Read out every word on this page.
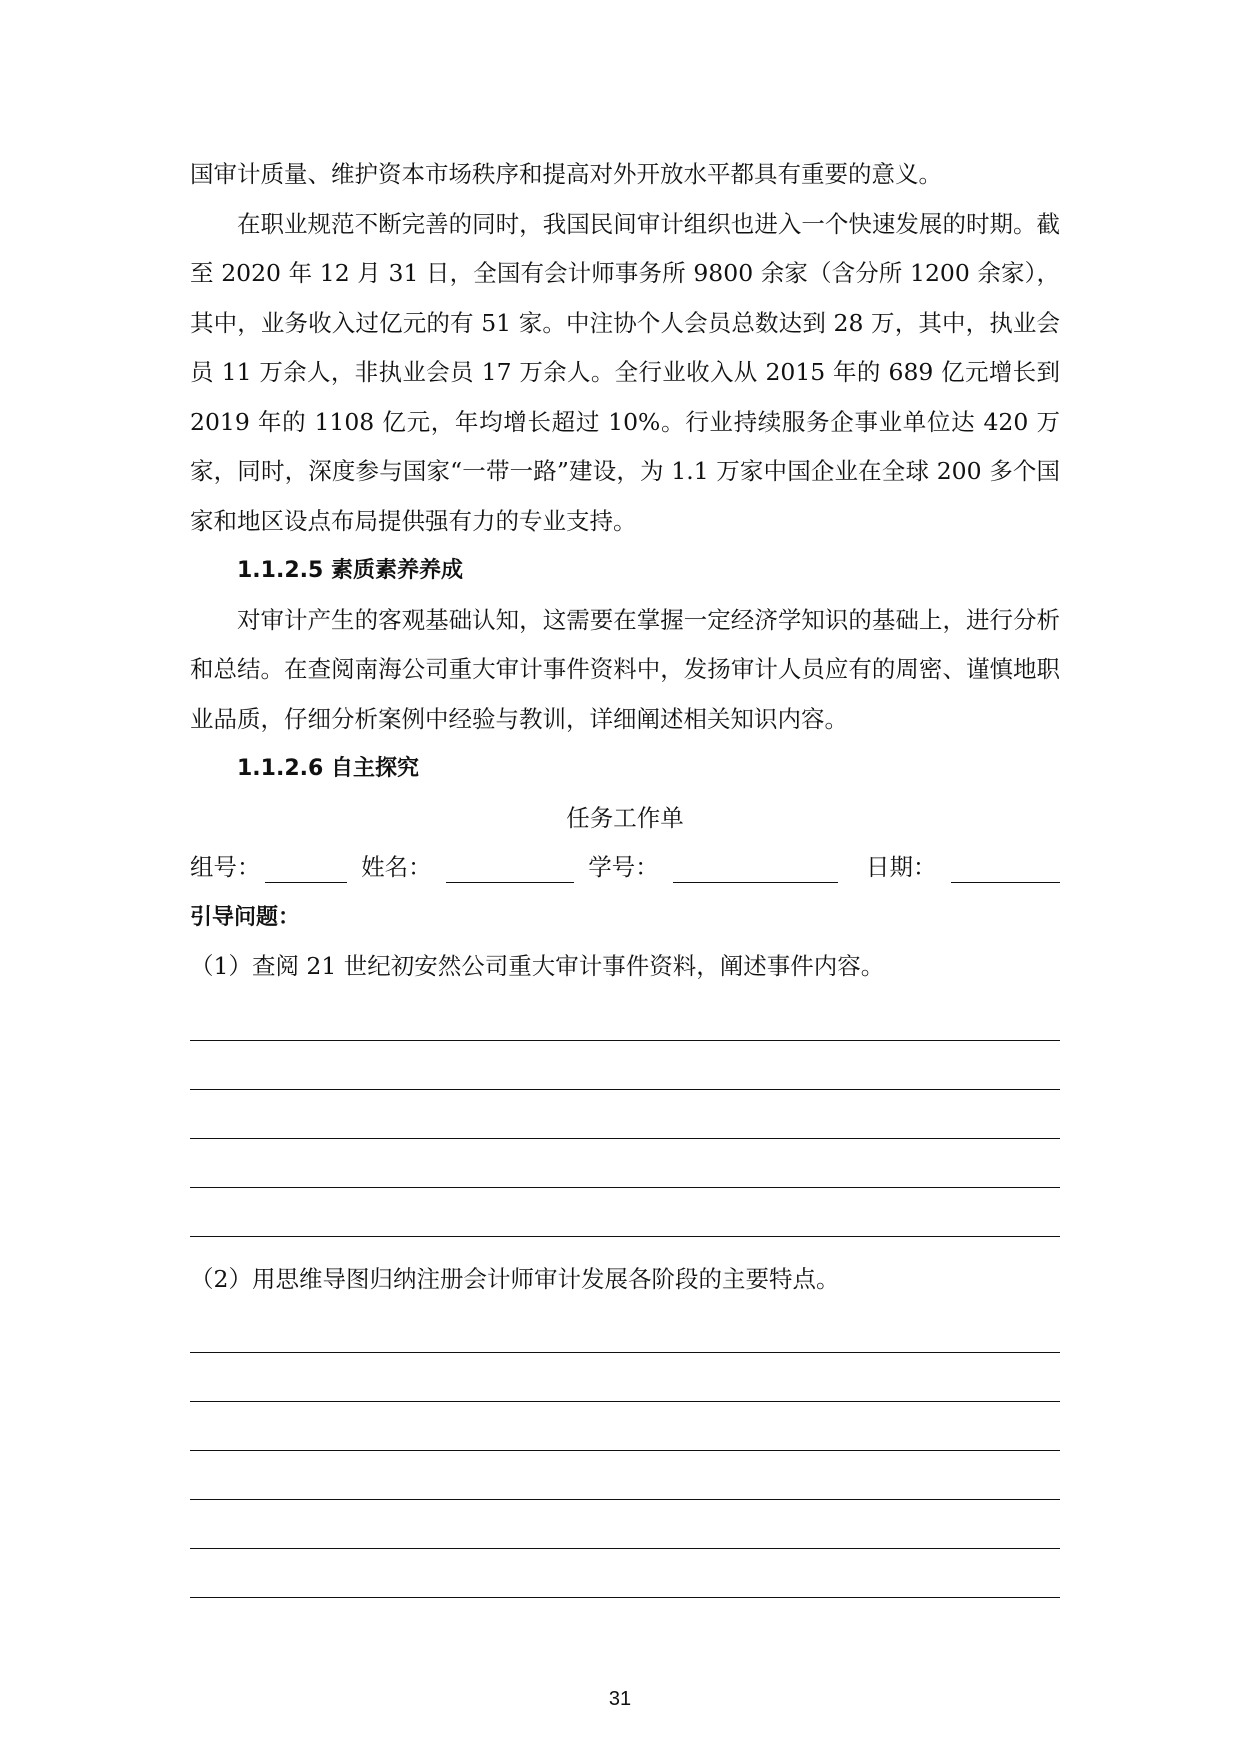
国审计质量、维护资本市场秩序和提高对外开放水平都具有重要的意义。

在职业规范不断完善的同时，我国民间审计组织也进入一个快速发展的时期。截至 2020 年 12 月 31 日，全国有会计师事务所 9800 余家（含分所 1200 余家），其中，业务收入过亿元的有 51 家。中注协个人会员总数达到 28 万，其中，执业会员 11 万余人，非执业会员 17 万余人。全行业收入从 2015 年的 689 亿元增长到 2019 年的 1108 亿元，年均增长超过 10%。行业持续服务企事业单位达 420 万家，同时，深度参与国家“一带一路”建设，为 1.1 万家中国企业在全球 200 多个国家和地区设点布局提供强有力的专业支持。

1.1.2.5 素质素养养成

对审计产生的客观基础认知，这需要在掌握一定经济学知识的基础上，进行分析和总结。在查阅南海公司重大审计事件资料中，发扬审计人员应有的周密、谨慎地职业品质，仔细分析案例中经验与教训，详细阐述相关知识内容。

1.1.2.6 自主探究

任务工作单

组号：	姓名：	学号：	日期：

引导问题：

（1）查阅 21 世纪初安然公司重大审计事件资料，阐述事件内容。

（2）用思维导图归纳注册会计师审计发展各阶段的主要特点。

31
